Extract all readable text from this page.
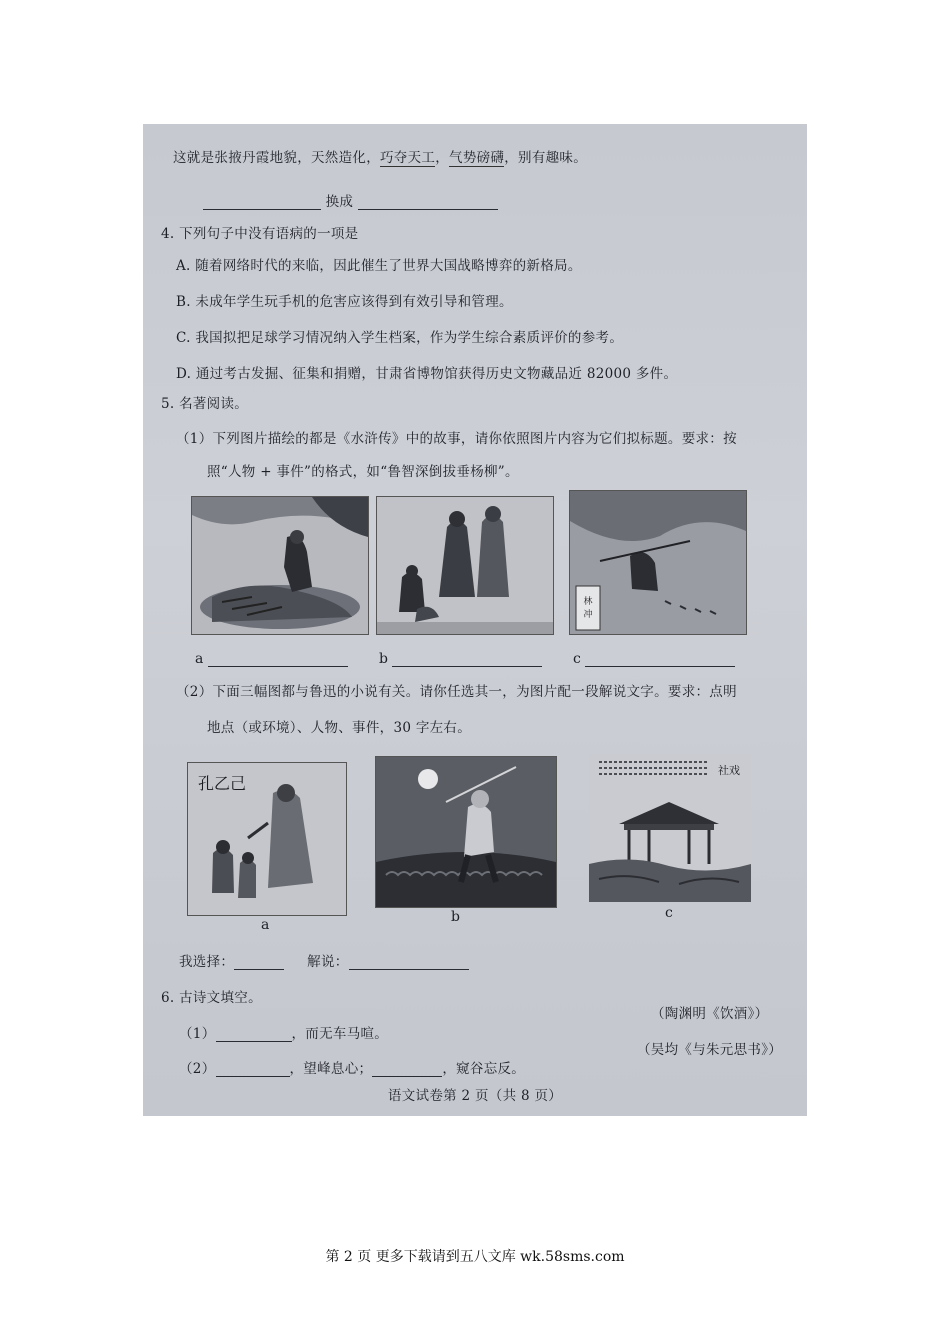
这就是张掖丹霞地貌，天然造化，巧夺天工，气势磅礴，别有趣味。
换成
4. 下列句子中没有语病的一项是
A. 随着网络时代的来临，因此催生了世界大国战略博弈的新格局。
B. 未成年学生玩手机的危害应该得到有效引导和管理。
C. 我国拟把足球学习情况纳入学生档案，作为学生综合素质评价的参考。
D. 通过考古发掘、征集和捐赠，甘肃省博物馆获得历史文物藏品近 82000 多件。
5. 名著阅读。
（1）下列图片描绘的都是《水浒传》中的故事，请你依照图片内容为它们拟标题。要求：按
照“人物 + 事件”的格式，如“鲁智深倒拔垂杨柳”。
林
冲
a	b	c
（2）下面三幅图都与鲁迅的小说有关。请你任选其一，为图片配一段解说文字。要求：点明
地点（或环境）、人物、事件，30 字左右。
孔乙己
社戏
a	b	c
我选择：	解说：
6. 古诗文填空。
（1）	，而无车马喧。
（陶渊明《饮酒》）
（2）	，望峰息心；	，窥谷忘反。
（吴均《与朱元思书》）
语文试卷第 2 页（共 8 页）
第 2 页 更多下载请到五八文库 wk.58sms.com
